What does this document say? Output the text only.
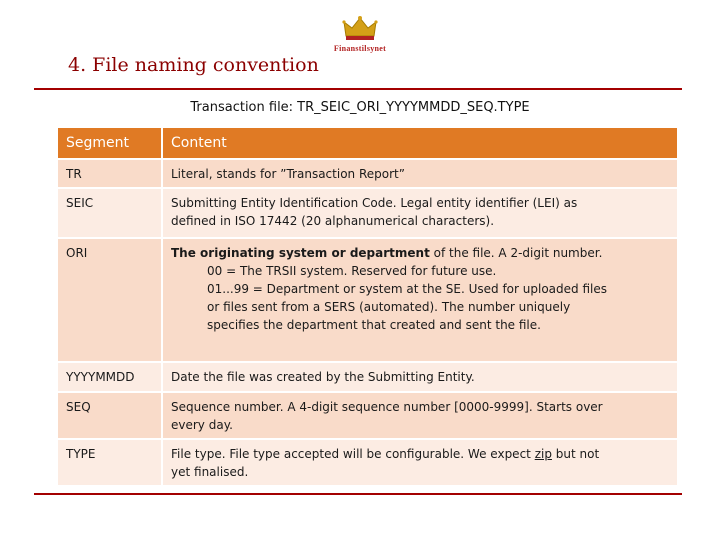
Finanstilsynet
4. File naming convention
Transaction file: TR_SEIC_ORI_YYYYMMDD_SEQ.TYPE
Segment	Content
TR	Literal, stands for ”Transaction Report”
SEIC	Submitting Entity Identification Code. Legal entity identifier (LEI) as
defined in ISO 17442 (20 alphanumerical characters).

ORI	The originating system or department of the file. A 2-digit number.
00 = The TRSII system. Reserved for future use.
01...99 = Department or system at the SE. Used for uploaded files
or files sent from a SERS (automated). The number uniquely
specifies the department that created and sent the file.

YYYYMMDD	Date the file was created by the Submitting Entity.
SEQ	Sequence number. A 4-digit sequence number [0000-9999]. Starts over
every day.

TYPE	File type. File type accepted will be configurable. We expect zip but not
yet finalised.
